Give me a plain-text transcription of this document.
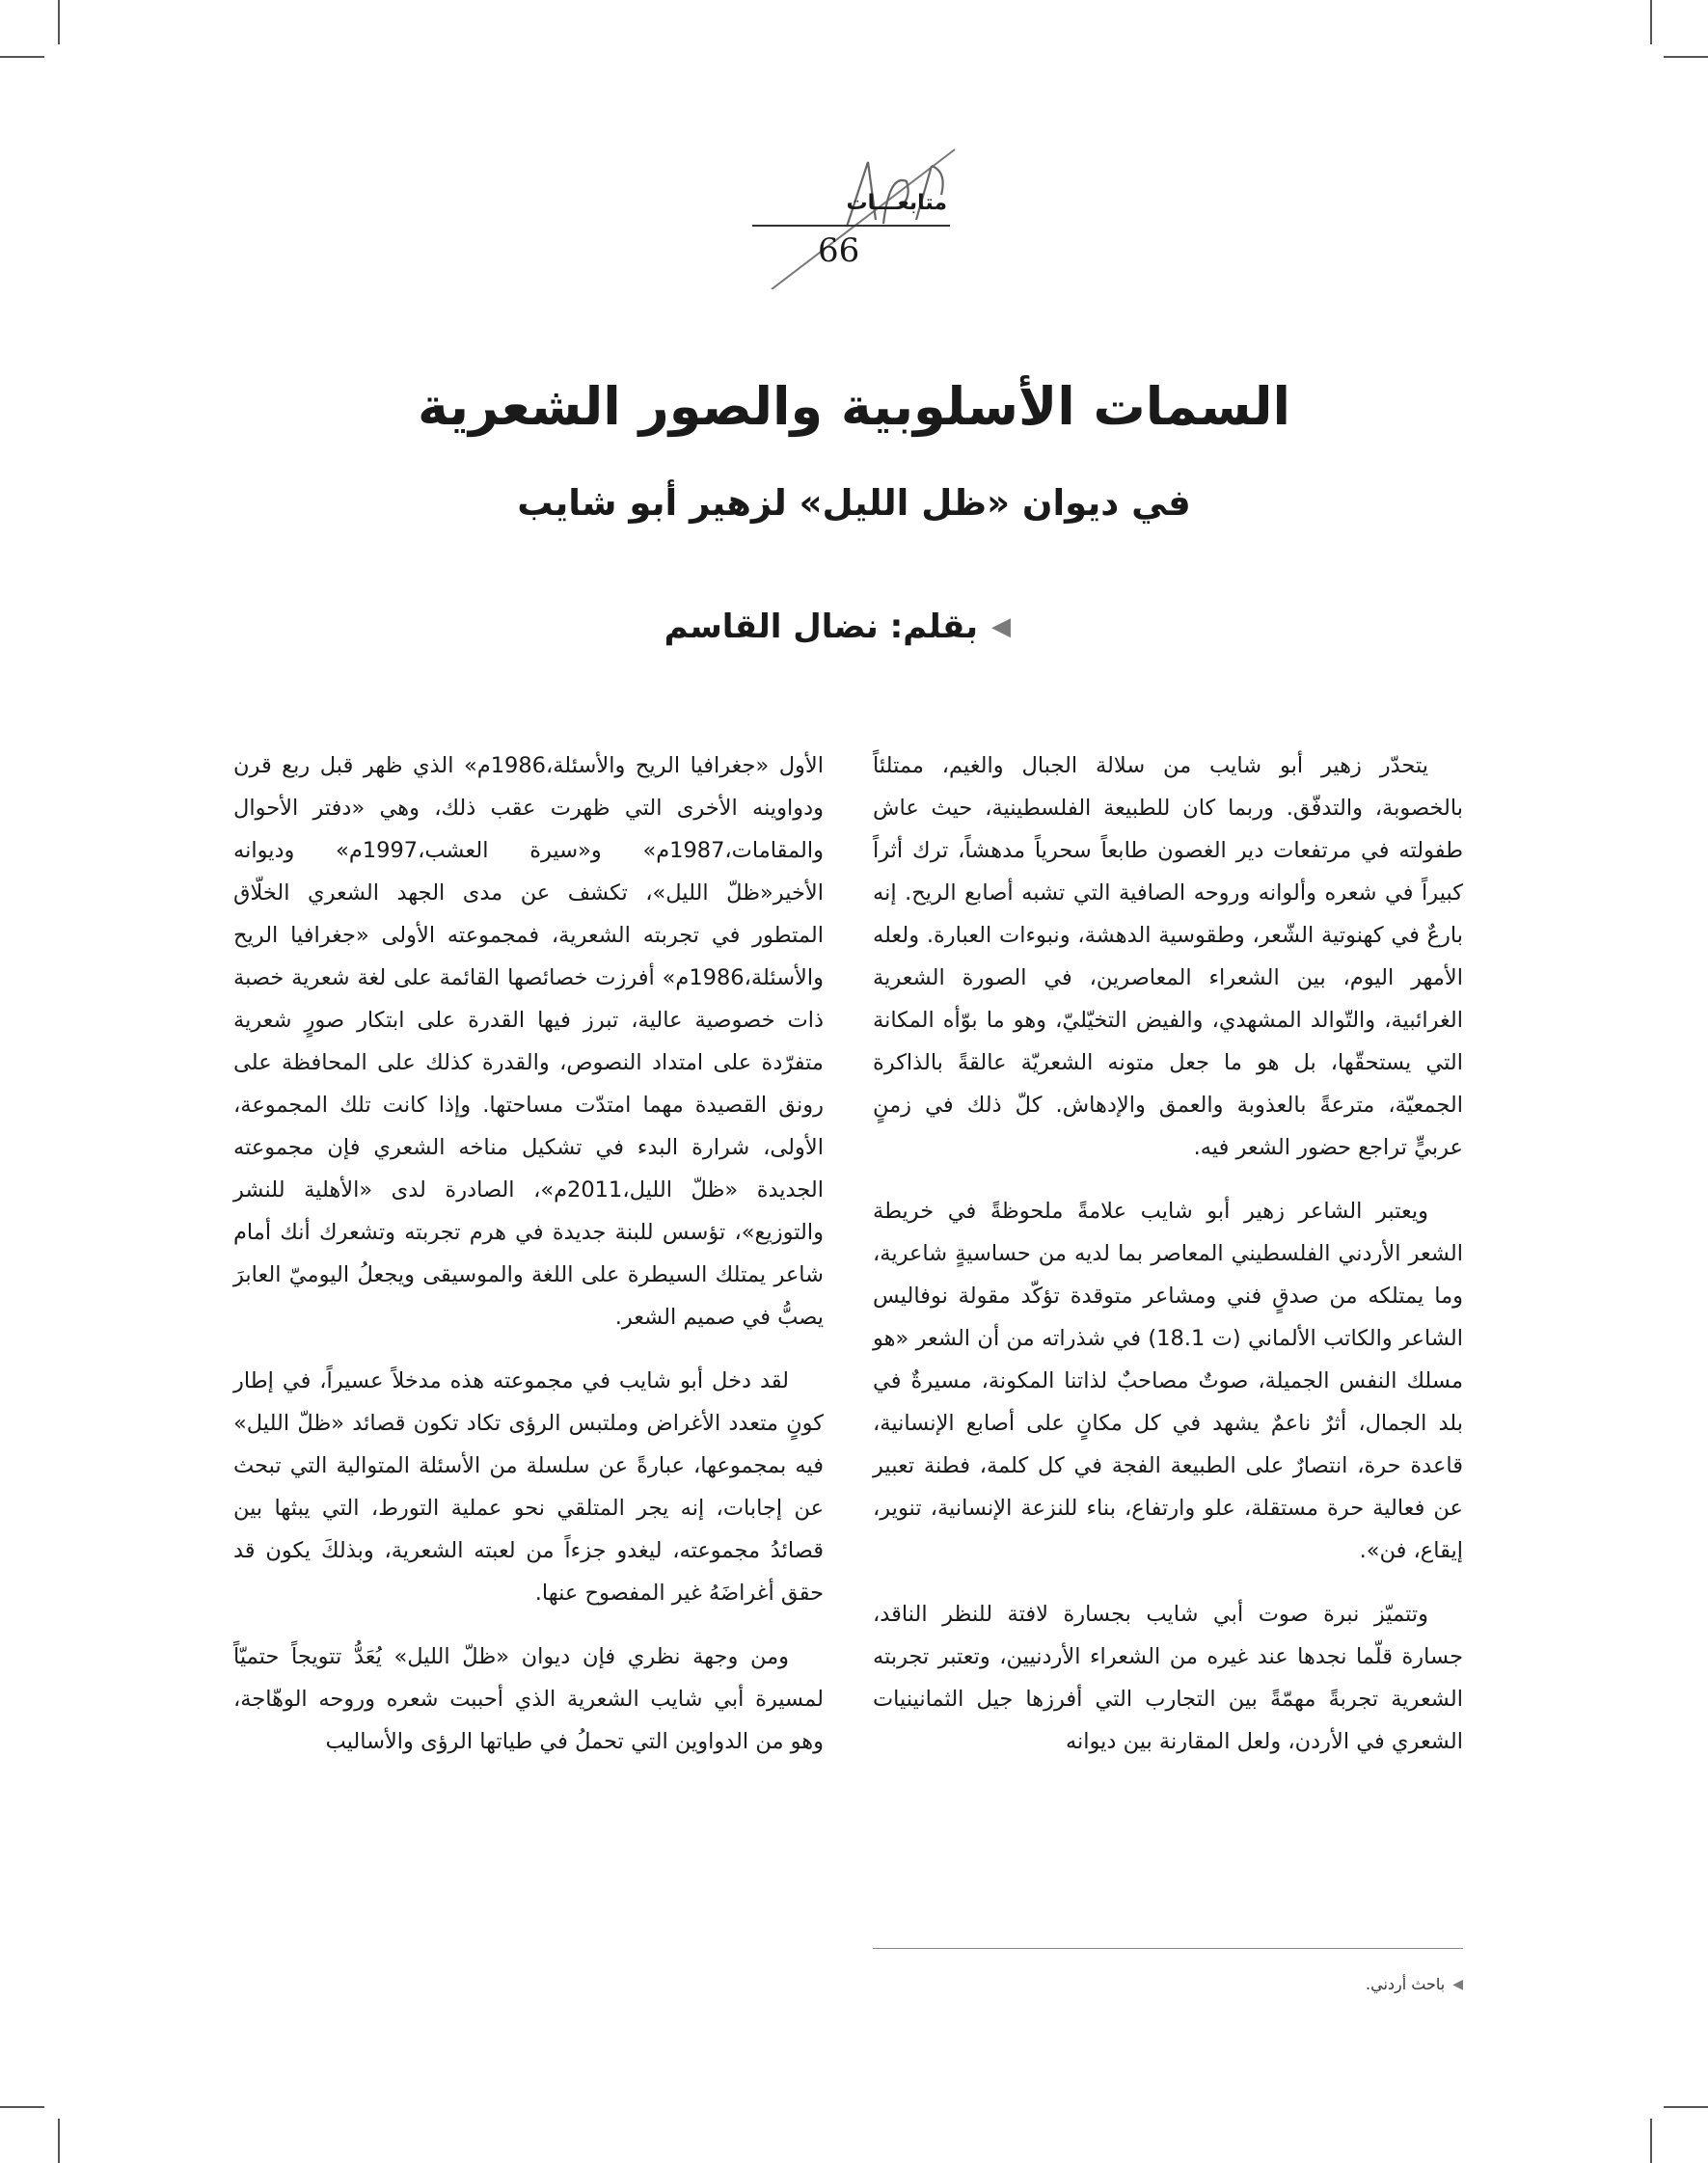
متابعـــات
66
السمات الأسلوبية والصور الشعرية
في ديوان «ظل الليل» لزهير أبو شايب
◀
بقلم: نضال القاسم

يتحدّر زهير أبو شايب من سلالة الجبال والغيم، ممتلئاً بالخصوبة، والتدفّق. وربما كان للطبيعة الفلسطينية، حيث عاش طفولته في مرتفعات دير الغصون طابعاً سحرياً مدهشاً، ترك أثراً كبيراً في شعره وألوانه وروحه الصافية التي تشبه أصابع الريح. إنه بارعٌ في كهنوتية الشّعر، وطقوسية الدهشة، ونبوءات العبارة. ولعله الأمهر اليوم، بين الشعراء المعاصرين، في الصورة الشعرية الغرائبية، والتّوالد المشهدي، والفيض التخيّليّ، وهو ما بوّأه المكانة التي يستحقّها، بل هو ما جعل متونه الشعريّة عالقةً بالذاكرة الجمعيّة، مترعةً بالعذوبة والعمق والإدهاش. كلّ ذلك في زمنٍ عربيٍّ تراجع حضور الشعر فيه.

ويعتبر الشاعر زهير أبو شايب علامةً ملحوظةً في خريطة الشعر الأردني الفلسطيني المعاصر بما لديه من حساسيةٍ شاعرية، وما يمتلكه من صدقٍ فني ومشاعر متوقدة تؤكّد مقولة نوفاليس الشاعر والكاتب الألماني (ت 18.1) في شذراته من أن الشعر «هو مسلك النفس الجميلة، صوتٌ مصاحبٌ لذاتنا المكونة، مسيرةٌ في بلد الجمال، أثرٌ ناعمٌ يشهد في كل مكانٍ على أصابع الإنسانية، قاعدة حرة، انتصارٌ على الطبيعة الفجة في كل كلمة، فطنة تعبير عن فعالية حرة مستقلة، علو وارتفاع، بناء للنزعة الإنسانية، تنوير، إيقاع، فن».

وتتميّز نبرة صوت أبي شايب بجسارة لافتة للنظر الناقد، جسارة قلّما نجدها عند غيره من الشعراء الأردنيين، وتعتبر تجربته الشعرية تجربةً مهمّةً بين التجارب التي أفرزها جيل الثمانينيات الشعري في الأردن، ولعل المقارنة بين ديوانه

الأول «جغرافيا الريح والأسئلة،1986م» الذي ظهر قبل ربع قرن ودواوينه الأخرى التي ظهرت عقب ذلك، وهي «دفتر الأحوال والمقامات،1987م» و«سيرة العشب،1997م» وديوانه الأخير«ظلّ الليل»، تكشف عن مدى الجهد الشعري الخلّاق المتطور في تجربته الشعرية، فمجموعته الأولى «جغرافيا الريح والأسئلة،1986م» أفرزت خصائصها القائمة على لغة شعرية خصبة ذات خصوصية عالية، تبرز فيها القدرة على ابتكار صورٍ شعرية متفرّدة على امتداد النصوص، والقدرة كذلك على المحافظة على رونق القصيدة مهما امتدّت مساحتها. وإذا كانت تلك المجموعة، الأولى، شرارة البدء في تشكيل مناخه الشعري فإن مجموعته الجديدة «ظلّ الليل،2011م»، الصادرة لدى «الأهلية للنشر والتوزيع»، تؤسس للبنة جديدة في هرم تجربته وتشعرك أنك أمام شاعر يمتلك السيطرة على اللغة والموسيقى ويجعلُ اليوميّ العابرَ يصبُّ في صميم الشعر.

لقد دخل أبو شايب في مجموعته هذه مدخلاً عسيراً، في إطار كونٍ متعدد الأغراض وملتبس الرؤى تكاد تكون قصائد «ظلّ الليل» فيه بمجموعها، عبارةً عن سلسلة من الأسئلة المتوالية التي تبحث عن إجابات، إنه يجر المتلقي نحو عملية التورط، التي يبثها بين قصائدُ مجموعته، ليغدو جزءاً من لعبته الشعرية، وبذلكَ يكون قد حقق أغراضَهُ غير المفصوح عنها.

ومن وجهة نظري فإن ديوان «ظلّ الليل» يُعَدُّ تتويجاً حتميّاً لمسيرة أبي شايب الشعرية الذي أحببت شعره وروحه الوهّاجة، وهو من الدواوين التي تحملُ في طياتها الرؤى والأساليب

◀
باحث أردني.
